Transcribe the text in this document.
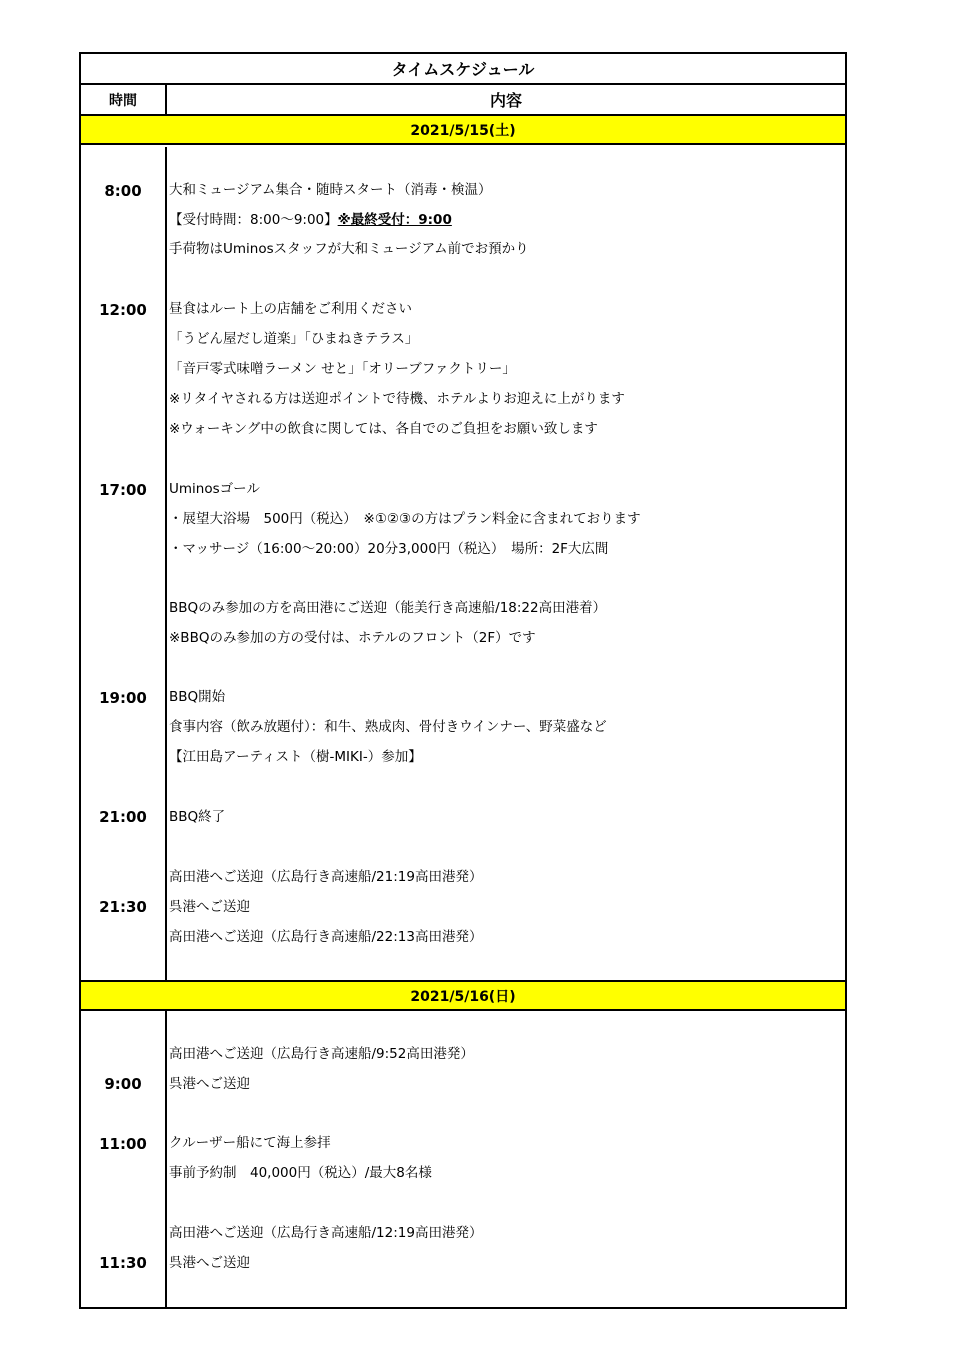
タイムスケジュール
時間	内容
2021/5/15(土)
8:00
12:00
17:00
19:00
21:00
21:30
大和ミュージアム集合・随時スタート（消毒・検温）
【受付時間：8:00～9:00】※最終受付：9:00
手荷物はUminosスタッフが大和ミュージアム前でお預かり
昼食はルート上の店舗をご利用ください
「うどん屋だし道楽」「ひまねきテラス」
「音戸零式味噌ラーメン せと」「オリーブファクトリー」
※リタイヤされる方は送迎ポイントで待機、ホテルよりお迎えに上がります
※ウォーキング中の飲食に関しては、各自でのご負担をお願い致します
Uminosゴール
・展望大浴場　500円（税込）　※①②③の方はプラン料金に含まれております
・マッサージ（16:00～20:00）20分3,000円（税込）　場所：2F大広間
BBQのみ参加の方を高田港にご送迎（能美行き高速船/18:22高田港着）
※BBQのみ参加の方の受付は、ホテルのフロント（2F）です
BBQ開始
食事内容（飲み放題付）：和牛、熟成肉、骨付きウインナー、野菜盛など
【江田島アーティスト（樹-MIKI-）参加】
BBQ終了
高田港へご送迎（広島行き高速船/21:19高田港発）
呉港へご送迎
高田港へご送迎（広島行き高速船/22:13高田港発）
2021/5/16(日)
9:00
11:00
11:30
高田港へご送迎（広島行き高速船/9:52高田港発）
呉港へご送迎
クルーザー船にて海上参拝
事前予約制　40,000円（税込）/最大8名様
高田港へご送迎（広島行き高速船/12:19高田港発）
呉港へご送迎
